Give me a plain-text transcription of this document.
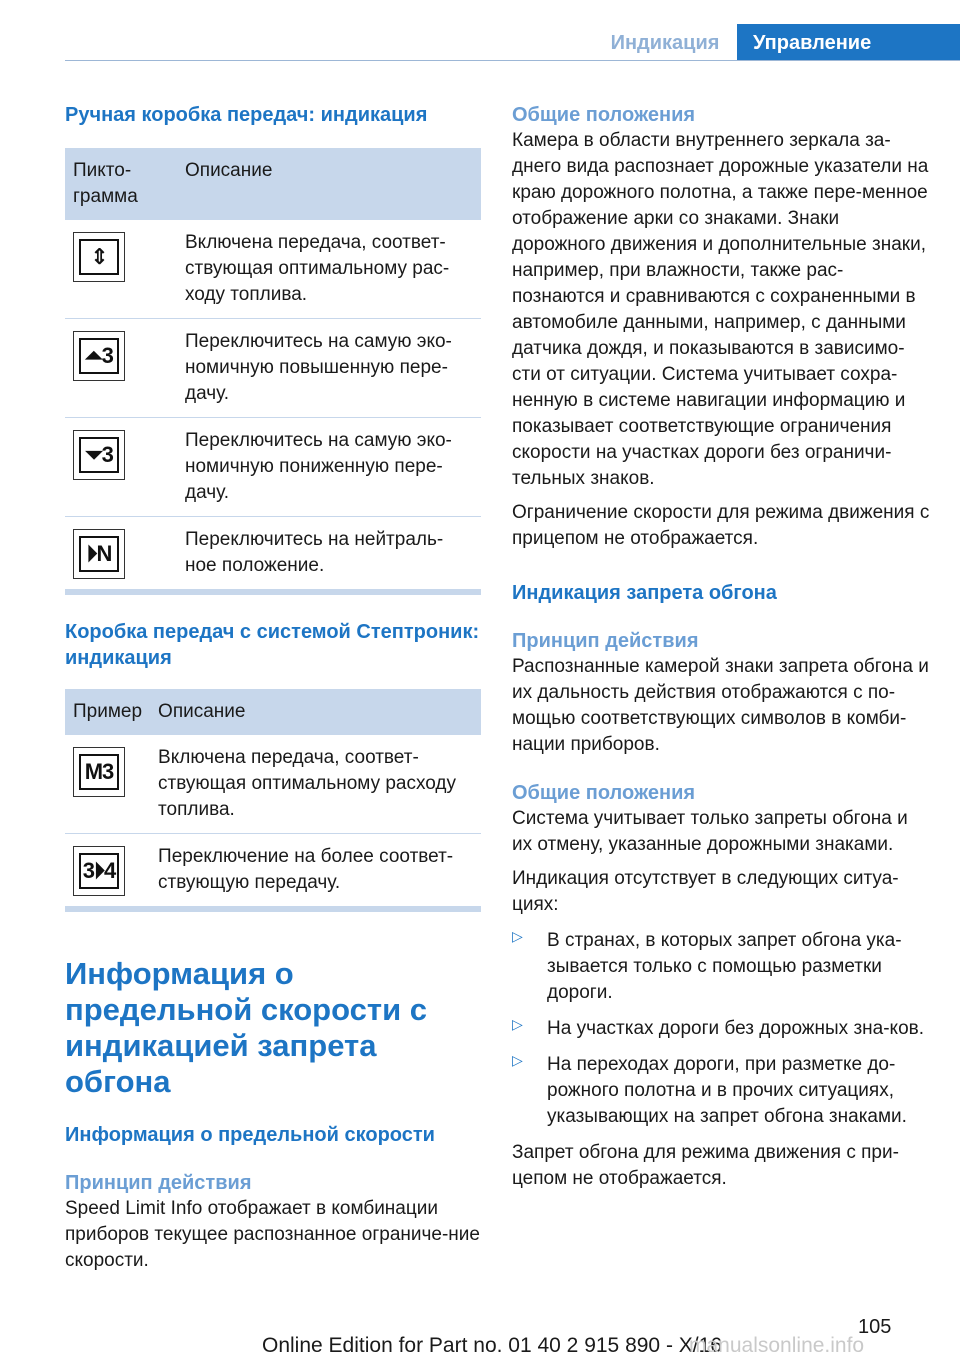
Индикация	Управление
Ручная коробка передач: индикация
Пикто-грамма	Описание

⇕	Включена передача, соответ-ствующая оптимальному рас-ходу топлива.

⏶3	Переключитесь на самую эко-номичную повышенную пере-дачу.

⏷3	Переключитесь на самую эко-номичную пониженную пере-дачу.

⏵N	Переключитесь на нейтраль-ное положение.
Коробка передач с системой Стептроник: индикация
Пример	Описание

M3	Включена передача, соответ-ствующая оптимальному расходу топлива.

3⏵4	Переключение на более соответ-ствующую передачу.
Информация о предельной скорости с индикацией запрета обгона
Информация о предельной скорости
Принцип действия

Speed Limit Info отображает в комбинации приборов текущее распознанное ограниче-ние скорости.

Общие положения

Камера в области внутреннего зеркала за-днего вида распознает дорожные указатели на краю дорожного полотна, а также пере-менное отображение арки со знаками. Знаки дорожного движения и дополнительные знаки, например, при влажности, также рас-познаются и сравниваются с сохраненными в автомобиле данными, например, с данными датчика дождя, и показываются в зависимо-сти от ситуации. Система учитывает сохра-ненную в системе навигации информацию и показывает соответствующие ограничения скорости на участках дороги без ограничи-тельных знаков.

Ограничение скорости для режима движения с прицепом не отображается.

Индикация запрета обгона
Принцип действия

Распознанные камерой знаки запрета обгона и их дальность действия отображаются с по-мощью соответствующих символов в комби-нации приборов.

Общие положения

Система учитывает только запреты обгона и их отмену, указанные дорожными знаками.

Индикация отсутствует в следующих ситуа-циях:

▷ В странах, в которых запрет обгона ука-зывается только с помощью разметки дороги.

▷ На участках дороги без дорожных зна-ков.

▷ На переходах дороги, при разметке до-рожного полотна и в прочих ситуациях, указывающих на запрет обгона знаками.

Запрет обгона для режима движения с при-цепом не отображается.

105
Online Edition for Part no. 01 40 2 915 890 - X/16
manualsonline.info
